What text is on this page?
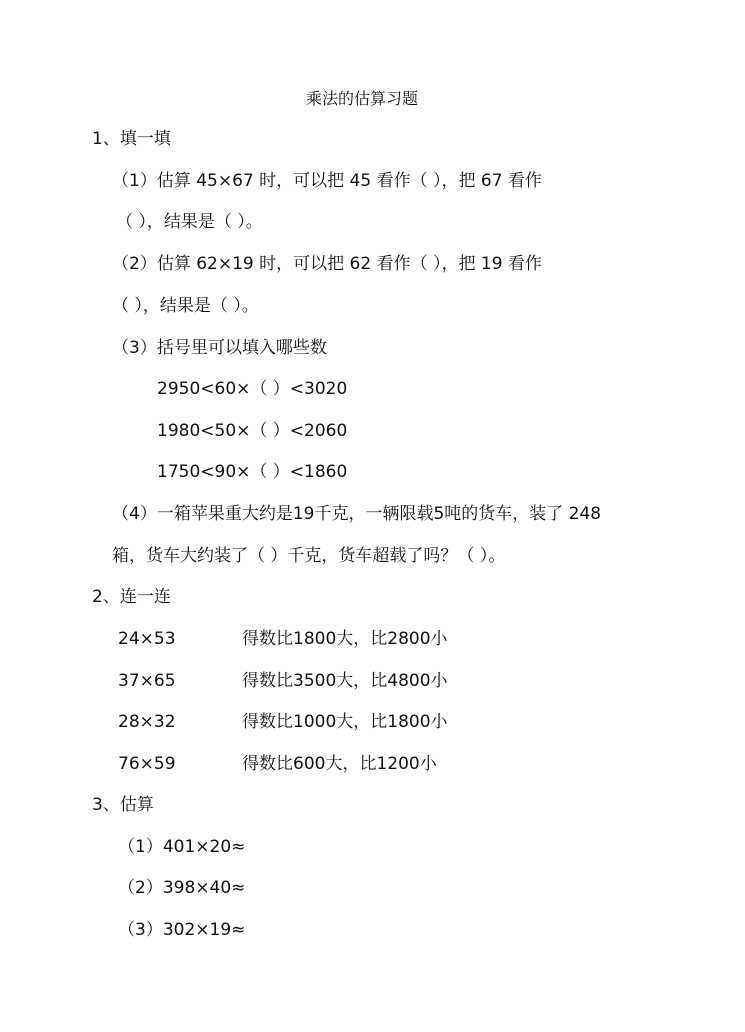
乘法的估算习题
1、填一填
（1）估算 45×67 时，可以把 45 看作（ ），把 67 看作
（ ），结果是（ ）。
（2）估算 62×19 时，可以把 62 看作（ ），把 19 看作
（ ），结果是（ ）。
（3）括号里可以填入哪些数
2950<60×（ ）<3020
1980<50×（ ）<2060
1750<90×（ ）<1860
（4）一箱苹果重大约是19千克，一辆限载5吨的货车，装了 248
箱，货车大约装了（ ）千克，货车超载了吗？（ ）。
2、连一连
24×53	得数比1800大，比2800小
37×65	得数比3500大，比4800小
28×32	得数比1000大，比1800小
76×59	得数比600大，比1200小
3、估算
（1）401×20≈
（2）398×40≈
（3）302×19≈
